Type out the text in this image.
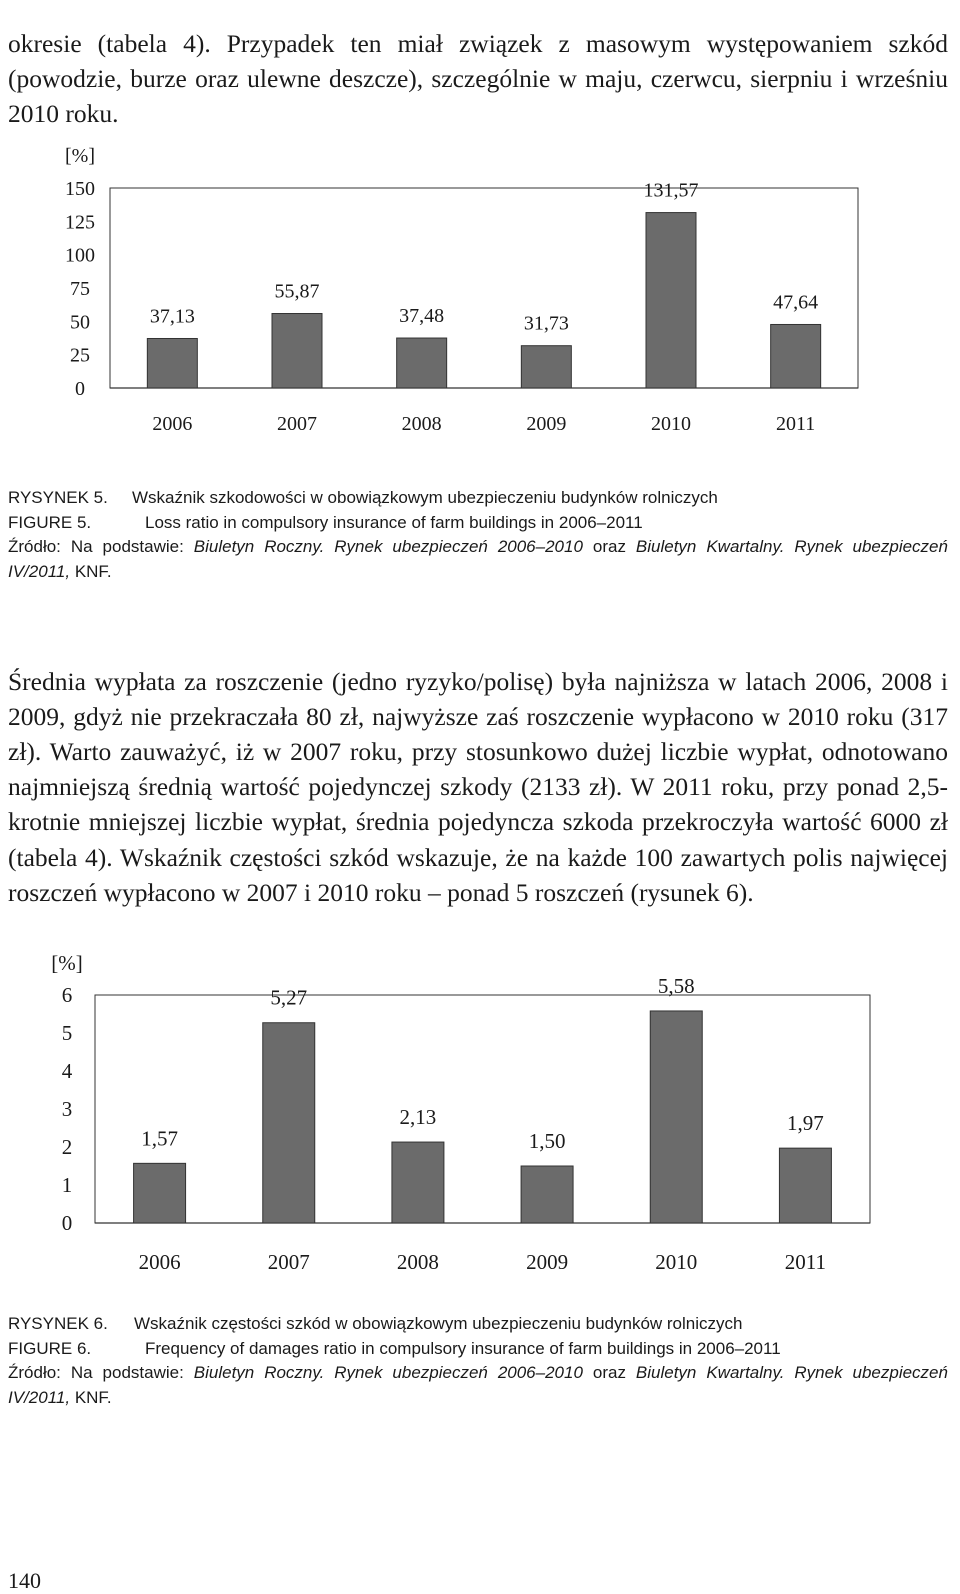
okresie (tabela 4). Przypadek ten miał związek z masowym występowaniem szkód (powodzie, burze oraz ulewne deszcze), szczególnie w maju, czerwcu, sierpniu i wrześniu 2010 roku.

[%]
0
25
50
75
100
125
150
37,13
2006
55,87
2007
37,48
2008
31,73
2009
131,57
2010
47,64
2011
RYSYNEK 5. Wskaźnik szkodowości w obowiązkowym ubezpieczeniu budynków rolniczych
FIGURE 5.	Loss ratio in compulsory insurance of farm buildings in 2006–2011
Źródło: Na podstawie: Biuletyn Roczny. Rynek ubezpieczeń 2006–2010 oraz Biuletyn Kwartalny. Rynek ubezpieczeń IV/2011, KNF.

Średnia wypłata za roszczenie (jedno ryzyko/polisę) była najniższa w latach 2006, 2008 i 2009, gdyż nie przekraczała 80 zł, najwyższe zaś roszczenie wypłacono w 2010 roku (317 zł). Warto zauważyć, iż w 2007 roku, przy stosunkowo dużej liczbie wypłat, odnotowano najmniejszą średnią wartość pojedynczej szkody (2133 zł). W 2011 roku, przy ponad 2,5-krotnie mniejszej liczbie wypłat, średnia pojedyncza szkoda przekroczyła wartość 6000 zł (tabela 4). Wskaźnik częstości szkód wskazuje, że na każde 100 zawartych polis najwięcej roszczeń wypłacono w 2007 i 2010 roku – ponad 5 roszczeń (rysunek 6).

[%]
0
1
2
3
4
5
6
1,57
2006
5,27
2007
2,13
2008
1,50
2009
5,58
2010
1,97
2011
RYSYNEK 6. Wskaźnik częstości szkód w obowiązkowym ubezpieczeniu budynków rolniczych
FIGURE 6.	Frequency of damages ratio in compulsory insurance of farm buildings in 2006–2011
Źródło: Na podstawie: Biuletyn Roczny. Rynek ubezpieczeń 2006–2010 oraz Biuletyn Kwartalny. Rynek ubezpieczeń IV/2011, KNF.
140
